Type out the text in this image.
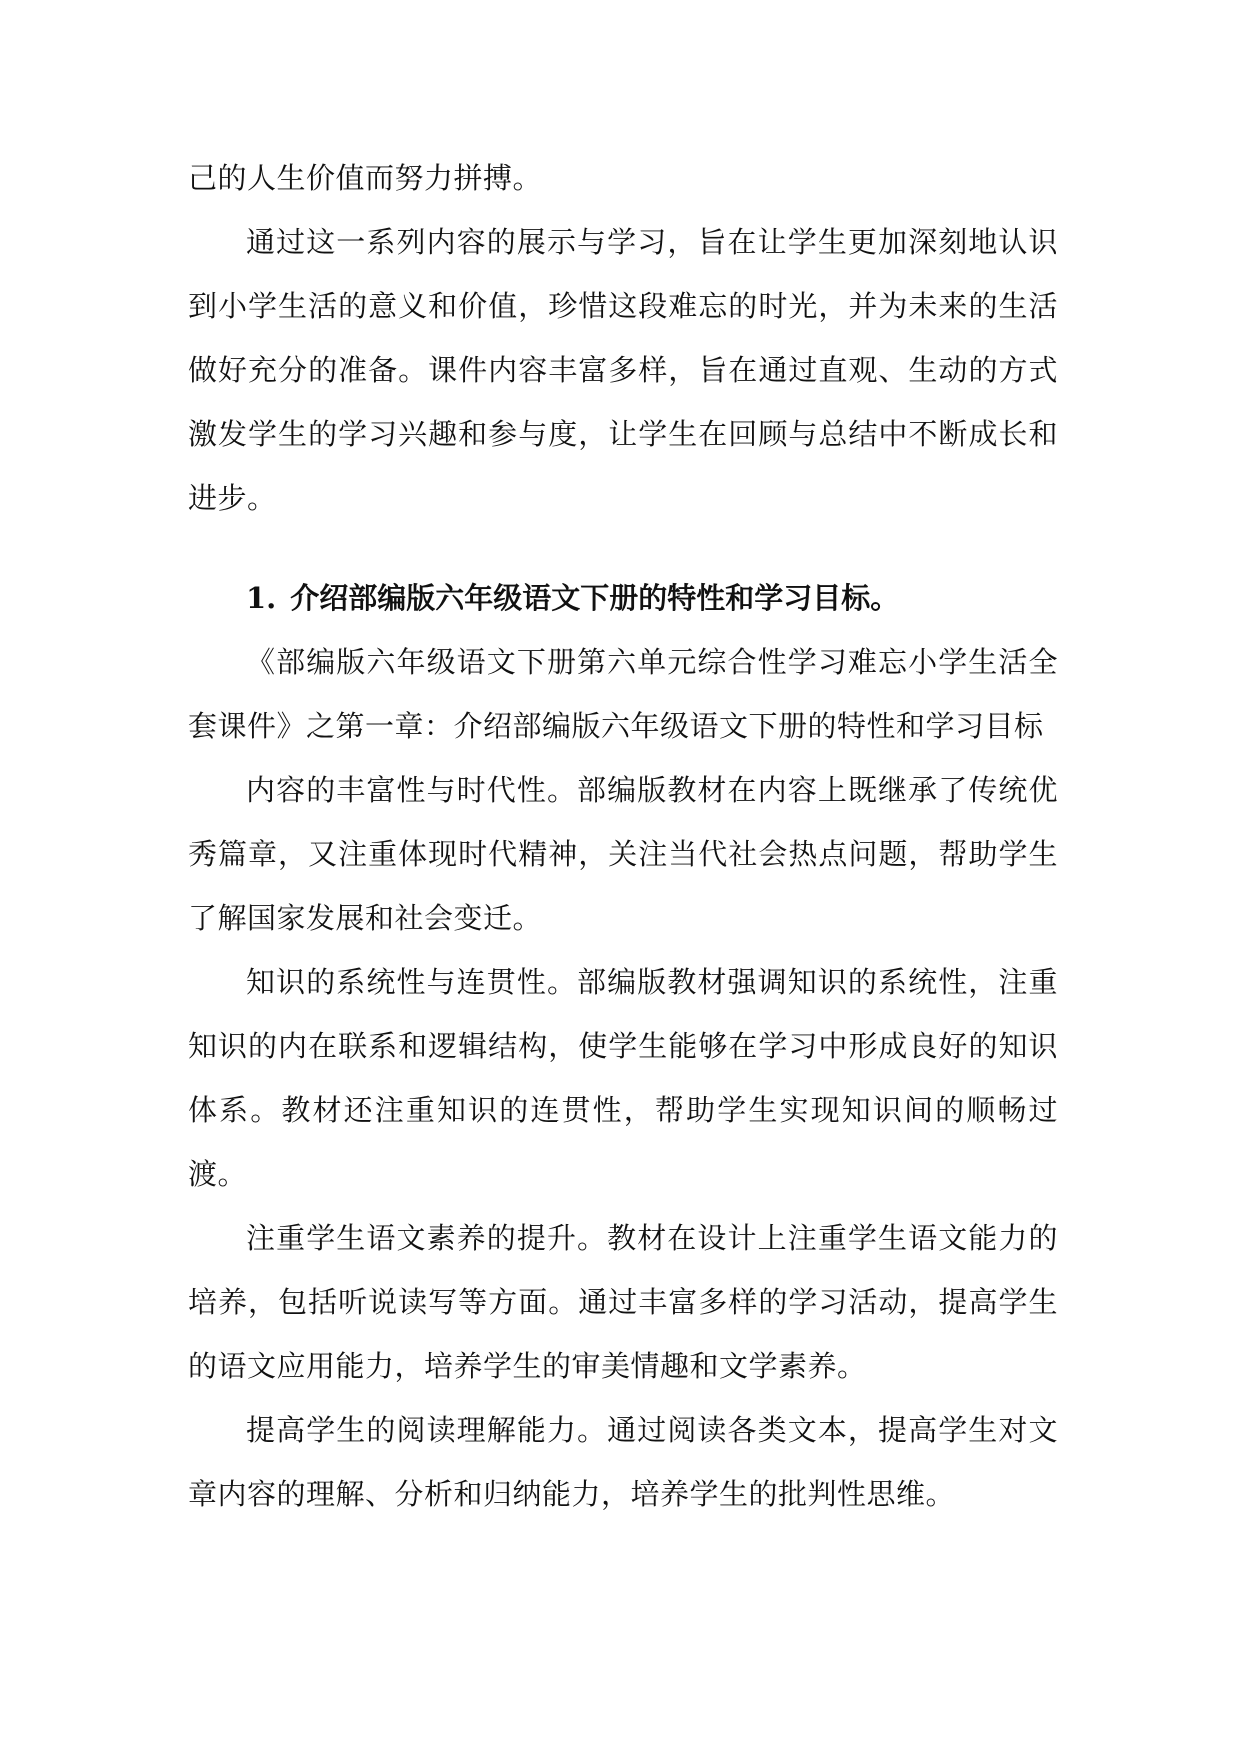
己的人生价值而努力拼搏。

通过这一系列内容的展示与学习，旨在让学生更加深刻地认识到小学生活的意义和价值，珍惜这段难忘的时光，并为未来的生活做好充分的准备。课件内容丰富多样，旨在通过直观、生动的方式激发学生的学习兴趣和参与度，让学生在回顾与总结中不断成长和进步。

1. 介绍部编版六年级语文下册的特性和学习目标。

《部编版六年级语文下册第六单元综合性学习难忘小学生活全套课件》之第一章：介绍部编版六年级语文下册的特性和学习目标

内容的丰富性与时代性。部编版教材在内容上既继承了传统优秀篇章，又注重体现时代精神，关注当代社会热点问题，帮助学生了解国家发展和社会变迁。

知识的系统性与连贯性。部编版教材强调知识的系统性，注重知识的内在联系和逻辑结构，使学生能够在学习中形成良好的知识体系。教材还注重知识的连贯性，帮助学生实现知识间的顺畅过渡。

注重学生语文素养的提升。教材在设计上注重学生语文能力的培养，包括听说读写等方面。通过丰富多样的学习活动，提高学生的语文应用能力，培养学生的审美情趣和文学素养。

提高学生的阅读理解能力。通过阅读各类文本，提高学生对文章内容的理解、分析和归纳能力，培养学生的批判性思维。
